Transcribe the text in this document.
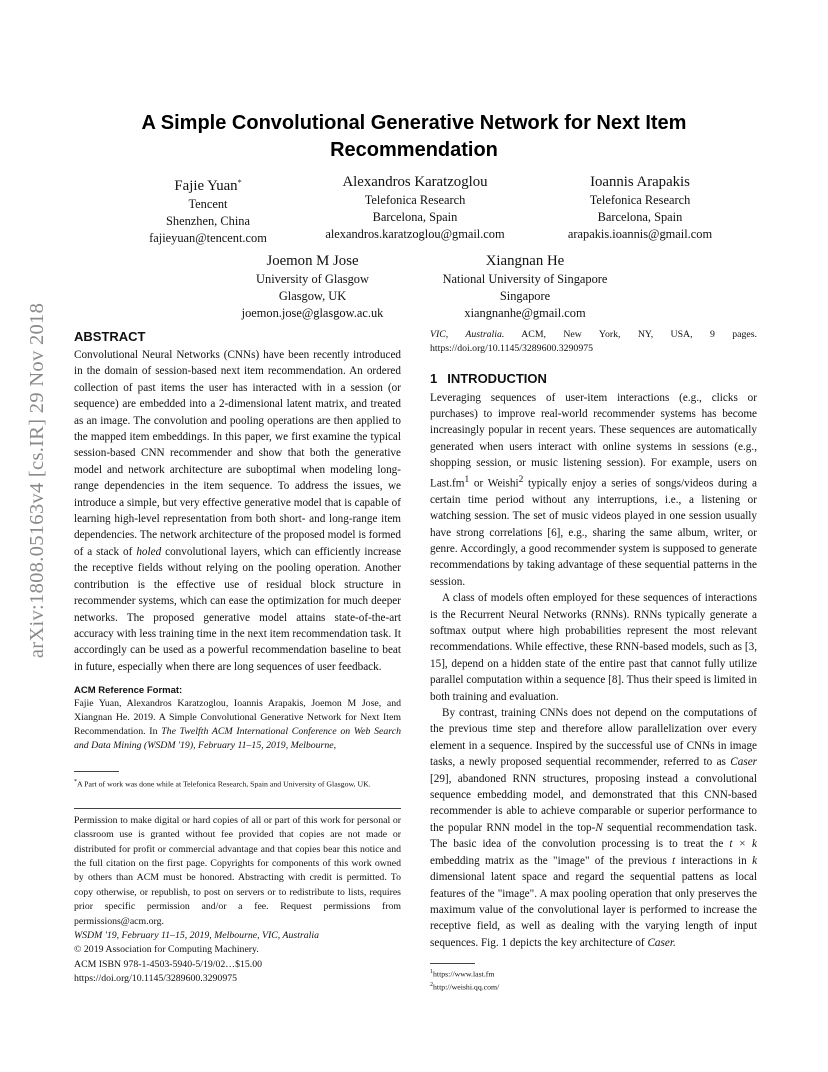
arXiv:1808.05163v4 [cs.IR] 29 Nov 2018
A Simple Convolutional Generative Network for Next Item Recommendation
Fajie Yuan*
Tencent
Shenzhen, China
fajieyuan@tencent.com
Alexandros Karatzoglou
Telefonica Research
Barcelona, Spain
alexandros.karatzoglou@gmail.com
Ioannis Arapakis
Telefonica Research
Barcelona, Spain
arapakis.ioannis@gmail.com
Joemon M Jose
University of Glasgow
Glasgow, UK
joemon.jose@glasgow.ac.uk
Xiangnan He
National University of Singapore
Singapore
xiangnanhe@gmail.com
ABSTRACT

Convolutional Neural Networks (CNNs) have been recently introduced in the domain of session-based next item recommendation. An ordered collection of past items the user has interacted with in a session (or sequence) are embedded into a 2-dimensional latent matrix, and treated as an image. The convolution and pooling operations are then applied to the mapped item embeddings. In this paper, we first examine the typical session-based CNN recommender and show that both the generative model and network architecture are suboptimal when modeling long-range dependencies in the item sequence. To address the issues, we introduce a simple, but very effective generative model that is capable of learning high-level representation from both short- and long-range item dependencies. The network architecture of the proposed model is formed of a stack of holed convolutional layers, which can efficiently increase the receptive fields without relying on the pooling operation. Another contribution is the effective use of residual block structure in recommender systems, which can ease the optimization for much deeper networks. The proposed generative model attains state-of-the-art accuracy with less training time in the next item recommendation task. It accordingly can be used as a powerful recommendation baseline to beat in future, especially when there are long sequences of user feedback.

ACM Reference Format:

Fajie Yuan, Alexandros Karatzoglou, Ioannis Arapakis, Joemon M Jose, and Xiangnan He. 2019. A Simple Convolutional Generative Network for Next Item Recommendation. In The Twelfth ACM International Conference on Web Search and Data Mining (WSDM '19), February 11–15, 2019, Melbourne,

*A Part of work was done while at Telefonica Research, Spain and University of Glasgow, UK.
Permission to make digital or hard copies of all or part of this work for personal or classroom use is granted without fee provided that copies are not made or distributed for profit or commercial advantage and that copies bear this notice and the full citation on the first page. Copyrights for components of this work owned by others than ACM must be honored. Abstracting with credit is permitted. To copy otherwise, or republish, to post on servers or to redistribute to lists, requires prior specific permission and/or a fee. Request permissions from permissions@acm.org.
WSDM '19, February 11–15, 2019, Melbourne, VIC, Australia
© 2019 Association for Computing Machinery.
ACM ISBN 978-1-4503-5940-5/19/02…$15.00
https://doi.org/10.1145/3289600.3290975

VIC, Australia. ACM, New York, NY, USA, 9 pages. https://doi.org/10.1145/3289600.3290975

1 INTRODUCTION

Leveraging sequences of user-item interactions (e.g., clicks or purchases) to improve real-world recommender systems has become increasingly popular in recent years. These sequences are automatically generated when users interact with online systems in sessions (e.g., shopping session, or music listening session). For example, users on $Last.fm^1$ or Weishi$^2$ typically enjoy a series of songs/videos during a certain time period without any interruptions, i.e., a listening or watching session. The set of music videos played in one session usually have strong correlations [6], e.g., sharing the same album, writer, or genre. Accordingly, a good recommender system is supposed to generate recommendations by taking advantage of these sequential patterns in the session.

A class of models often employed for these sequences of interactions is the Recurrent Neural Networks (RNNs). RNNs typically generate a softmax output where high probabilities represent the most relevant recommendations. While effective, these RNN-based models, such as [3, 15], depend on a hidden state of the entire past that cannot fully utilize parallel computation within a sequence [8]. Thus their speed is limited in both training and evaluation.

By contrast, training CNNs does not depend on the computations of the previous time step and therefore allow parallelization over every element in a sequence. Inspired by the successful use of CNNs in image tasks, a newly proposed sequential recommender, referred to as Caser [29], abandoned RNN structures, proposing instead a convolutional sequence embedding model, and demonstrated that this CNN-based recommender is able to achieve comparable or superior performance to the popular RNN model in the top-N sequential recommendation task. The basic idea of the convolution processing is to treat the t × k embedding matrix as the "image" of the previous t interactions in k dimensional latent space and regard the sequential pattens as local features of the "image". A max pooling operation that only preserves the maximum value of the convolutional layer is performed to increase the receptive field, as well as dealing with the varying length of input sequences. Fig. 1 depicts the key architecture of Caser.

$^1$https://www.last.fm
$^2$http://weishi.qq.com/
